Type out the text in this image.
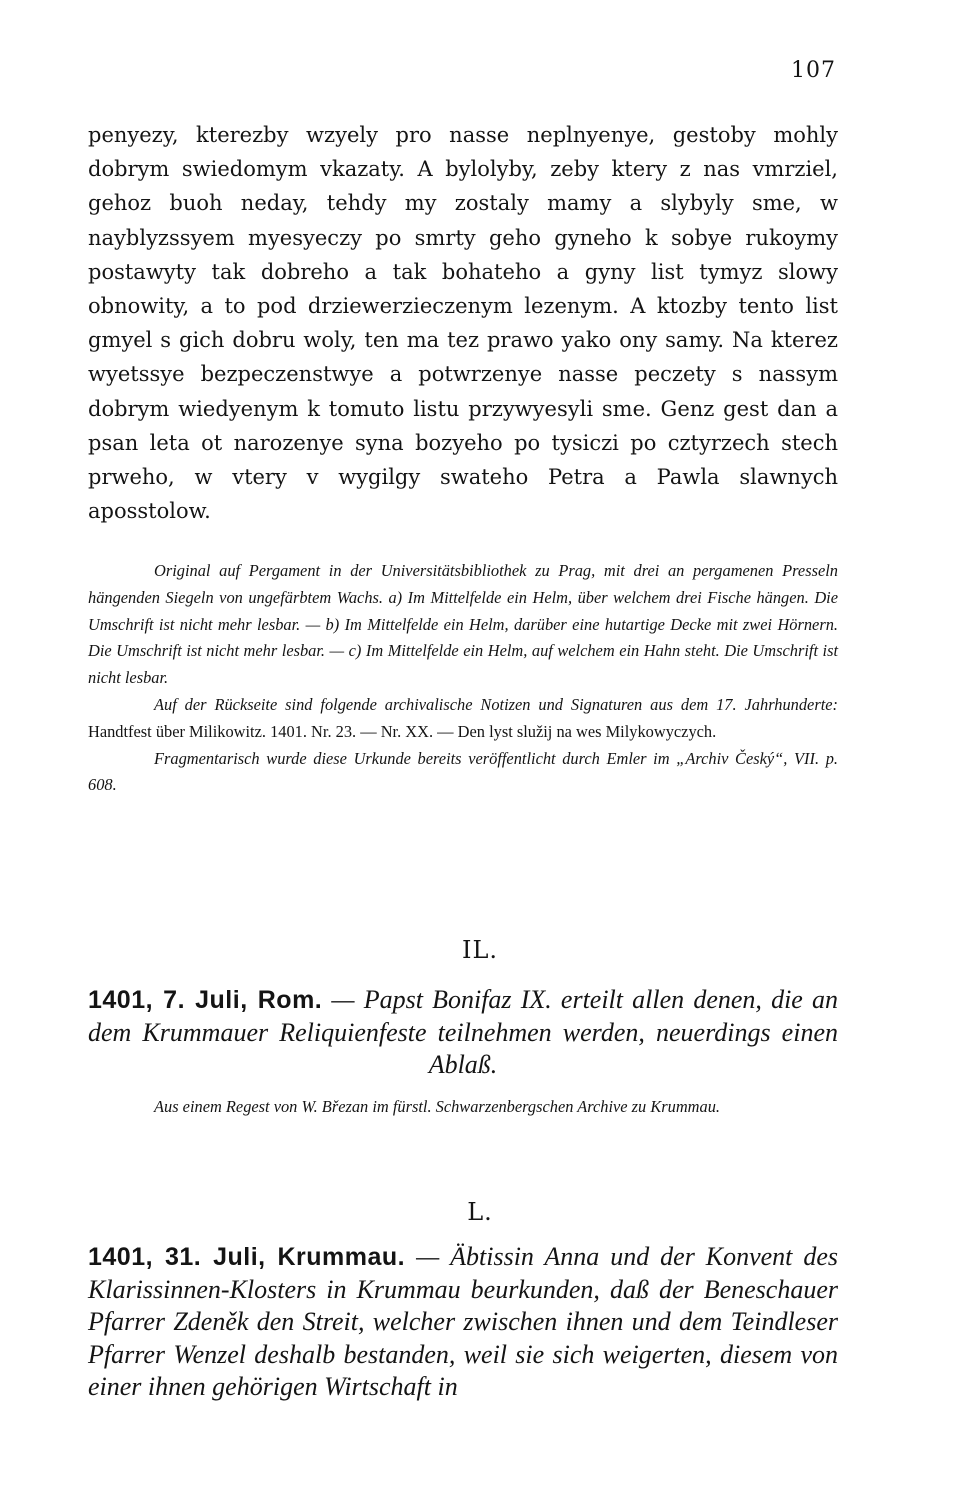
107

penyezy, kterezby wzyely pro nasse neplnyenye, gestoby mohly dobrym swiedomym vkazaty. A bylolyby, zeby ktery z nas vmrziel, gehoz buoh neday, tehdy my zostaly mamy a slybyly sme, w nayblyzssyem myesyeczy po smrty geho gyneho k sobye rukoymy postawyty tak dobreho a tak bohateho a gyny list tymyz slowy obnowity, a to pod drziewerzieczenym lezenym. A ktozby tento list gmyel s gich dobru woly, ten ma tez prawo yako ony samy. Na kterez wyetssye bezpeczenstwye a potwrzenye nasse peczety s nassym dobrym wiedyenym k tomuto listu przywyesyli sme. Genz gest dan a psan leta ot narozenye syna bozyeho po tysiczi po cztyrzech stech prweho, w vtery v wygilgy swateho Petra a Pawla slawnych aposstolow.

Original auf Pergament in der Universitätsbibliothek zu Prag, mit drei an pergamenen Presseln hängenden Siegeln von ungefärbtem Wachs. a) Im Mittelfelde ein Helm, über welchem drei Fische hängen. Die Umschrift ist nicht mehr lesbar. — b) Im Mittelfelde ein Helm, darüber eine hutartige Decke mit zwei Hörnern. Die Umschrift ist nicht mehr lesbar. — c) Im Mittelfelde ein Helm, auf welchem ein Hahn steht. Die Umschrift ist nicht lesbar.

Auf der Rückseite sind folgende archivalische Notizen und Signaturen aus dem 17. Jahrhunderte: Handtfest über Milikowitz. 1401. Nr. 23. — Nr. XX. — Den lyst služij na wes Milykowyczych.

Fragmentarisch wurde diese Urkunde bereits veröffentlicht durch Emler im „Archiv Český“, VII. p. 608.

IL.

1401, 7. Juli, Rom. — Papst Bonifaz IX. erteilt allen denen, die an dem Krummauer Reliquienfeste teilnehmen werden, neuerdings einen Ablaß.

Aus einem Regest von W. Březan im fürstl. Schwarzenbergschen Archive zu Krummau.

L.

1401, 31. Juli, Krummau. — Äbtissin Anna und der Konvent des Klarissinnen-Klosters in Krummau beurkunden, daß der Beneschauer Pfarrer Zdeněk den Streit, welcher zwischen ihnen und dem Teindleser Pfarrer Wenzel deshalb bestanden, weil sie sich weigerten, diesem von einer ihnen gehörigen Wirtschaft in
